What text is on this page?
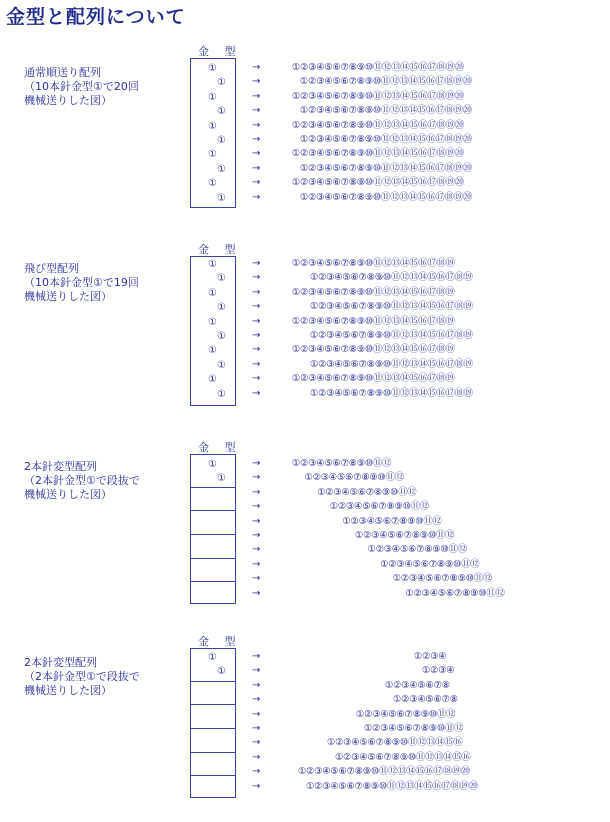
金型と配列について
通常順送り配列
（10本針金型①で20回
機械送りした図）
金 型
①
①
①
①
①
①
①
①
①
①
→	①②③④⑤⑥⑦⑧⑨⑩⑪⑫⑬⑭⑮⑯⑰⑱⑲⑳
→	①②③④⑤⑥⑦⑧⑨⑩⑪⑫⑬⑭⑮⑯⑰⑱⑲⑳
→	①②③④⑤⑥⑦⑧⑨⑩⑪⑫⑬⑭⑮⑯⑰⑱⑲⑳
→	①②③④⑤⑥⑦⑧⑨⑩⑪⑫⑬⑭⑮⑯⑰⑱⑲⑳
→	①②③④⑤⑥⑦⑧⑨⑩⑪⑫⑬⑭⑮⑯⑰⑱⑲⑳
→	①②③④⑤⑥⑦⑧⑨⑩⑪⑫⑬⑭⑮⑯⑰⑱⑲⑳
→	①②③④⑤⑥⑦⑧⑨⑩⑪⑫⑬⑭⑮⑯⑰⑱⑲⑳
→	①②③④⑤⑥⑦⑧⑨⑩⑪⑫⑬⑭⑮⑯⑰⑱⑲⑳
→	①②③④⑤⑥⑦⑧⑨⑩⑪⑫⑬⑭⑮⑯⑰⑱⑲⑳
→	①②③④⑤⑥⑦⑧⑨⑩⑪⑫⑬⑭⑮⑯⑰⑱⑲⑳
飛び型配列
（10本針金型①で19回
機械送りした図）
金 型
①
①
①
①
①
①
①
①
①
①
→	①②③④⑤⑥⑦⑧⑨⑩⑪⑫⑬⑭⑮⑯⑰⑱⑲
→	①②③④⑤⑥⑦⑧⑨⑩⑪⑫⑬⑭⑮⑯⑰⑱⑲
→	①②③④⑤⑥⑦⑧⑨⑩⑪⑫⑬⑭⑮⑯⑰⑱⑲
→	①②③④⑤⑥⑦⑧⑨⑩⑪⑫⑬⑭⑮⑯⑰⑱⑲
→	①②③④⑤⑥⑦⑧⑨⑩⑪⑫⑬⑭⑮⑯⑰⑱⑲
→	①②③④⑤⑥⑦⑧⑨⑩⑪⑫⑬⑭⑮⑯⑰⑱⑲
→	①②③④⑤⑥⑦⑧⑨⑩⑪⑫⑬⑭⑮⑯⑰⑱⑲
→	①②③④⑤⑥⑦⑧⑨⑩⑪⑫⑬⑭⑮⑯⑰⑱⑲
→	①②③④⑤⑥⑦⑧⑨⑩⑪⑫⑬⑭⑮⑯⑰⑱⑲
→	①②③④⑤⑥⑦⑧⑨⑩⑪⑫⑬⑭⑮⑯⑰⑱⑲
2本針変型配列
（2本針金型①で段抜で
機械送りした図）
金 型
①
①
→	①②③④⑤⑥⑦⑧⑨⑩⑪⑫
→	①②③④⑤⑥⑦⑧⑨⑩⑪⑫
→	①②③④⑤⑥⑦⑧⑨⑩⑪⑫
→	①②③④⑤⑥⑦⑧⑨⑩⑪⑫
→	①②③④⑤⑥⑦⑧⑨⑩⑪⑫
→	①②③④⑤⑥⑦⑧⑨⑩⑪⑫
→	①②③④⑤⑥⑦⑧⑨⑩⑪⑫
→	①②③④⑤⑥⑦⑧⑨⑩⑪⑫
→	①②③④⑤⑥⑦⑧⑨⑩⑪⑫
→	①②③④⑤⑥⑦⑧⑨⑩⑪⑫
2本針変型配列
（2本針金型①で段抜で
機械送りした図）
金 型
①
①
→	①②③④
→	①②③④
→	①②③④⑤⑥⑦⑧
→	①②③④⑤⑥⑦⑧
→	①②③④⑤⑥⑦⑧⑨⑩⑪⑫
→	①②③④⑤⑥⑦⑧⑨⑩⑪⑫
→	①②③④⑤⑥⑦⑧⑨⑩⑪⑫⑬⑭⑮⑯
→	①②③④⑤⑥⑦⑧⑨⑩⑪⑫⑬⑭⑮⑯
→	①②③④⑤⑥⑦⑧⑨⑩⑪⑫⑬⑭⑮⑯⑰⑱⑲⑳
→	①②③④⑤⑥⑦⑧⑨⑩⑪⑫⑬⑭⑮⑯⑰⑱⑲⑳
